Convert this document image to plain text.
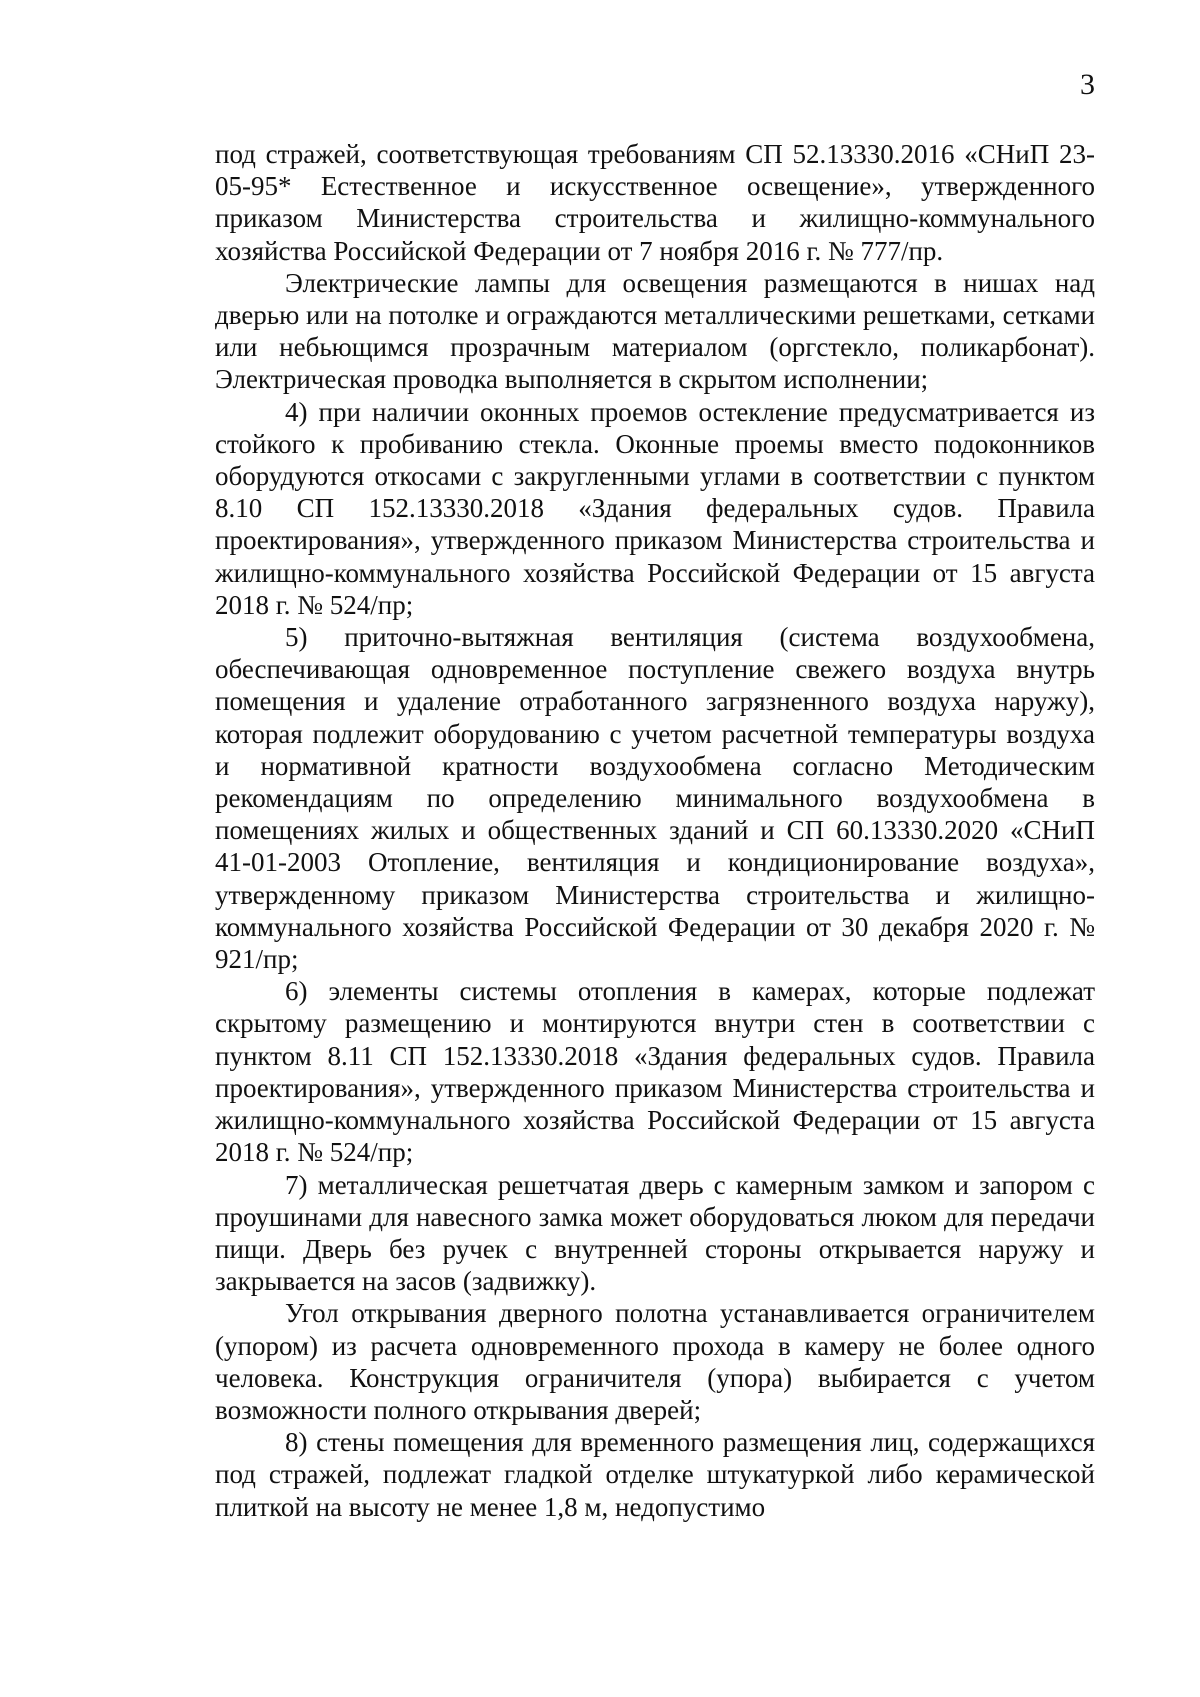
3

под стражей, соответствующая требованиям СП 52.13330.2016 «СНиП 23-05-95* Естественное и искусственное освещение», утвержденного приказом Министерства строительства и жилищно-коммунального хозяйства Российской Федерации от 7 ноября 2016 г. № 777/пр.

Электрические лампы для освещения размещаются в нишах над дверью или на потолке и ограждаются металлическими решетками, сетками или небьющимся прозрачным материалом (оргстекло, поликарбонат). Электрическая проводка выполняется в скрытом исполнении;

4) при наличии оконных проемов остекление предусматривается из стойкого к пробиванию стекла. Оконные проемы вместо подоконников оборудуются откосами с закругленными углами в соответствии с пунктом 8.10 СП 152.13330.2018 «Здания федеральных судов. Правила проектирования», утвержденного приказом Министерства строительства и жилищно-коммунального хозяйства Российской Федерации от 15 августа 2018 г. № 524/пр;

5) приточно-вытяжная вентиляция (система воздухообмена, обеспечивающая одновременное поступление свежего воздуха внутрь помещения и удаление отработанного загрязненного воздуха наружу), которая подлежит оборудованию с учетом расчетной температуры воздуха и нормативной кратности воздухообмена согласно Методическим рекомендациям по определению минимального воздухообмена в помещениях жилых и общественных зданий и СП 60.13330.2020 «СНиП 41-01-2003 Отопление, вентиляция и кондиционирование воздуха», утвержденному приказом Министерства строительства и жилищно-коммунального хозяйства Российской Федерации от 30 декабря 2020 г. № 921/пр;

6) элементы системы отопления в камерах, которые подлежат скрытому размещению и монтируются внутри стен в соответствии с пунктом 8.11 СП 152.13330.2018 «Здания федеральных судов. Правила проектирования», утвержденного приказом Министерства строительства и жилищно-коммунального хозяйства Российской Федерации от 15 августа 2018 г. № 524/пр;

7) металлическая решетчатая дверь с камерным замком и запором с проушинами для навесного замка может оборудоваться люком для передачи пищи. Дверь без ручек с внутренней стороны открывается наружу и закрывается на засов (задвижку).

Угол открывания дверного полотна устанавливается ограничителем (упором) из расчета одновременного прохода в камеру не более одного человека. Конструкция ограничителя (упора) выбирается с учетом возможности полного открывания дверей;

8) стены помещения для временного размещения лиц, содержащихся под стражей, подлежат гладкой отделке штукатуркой либо керамической плиткой на высоту не менее 1,8 м, недопустимо
